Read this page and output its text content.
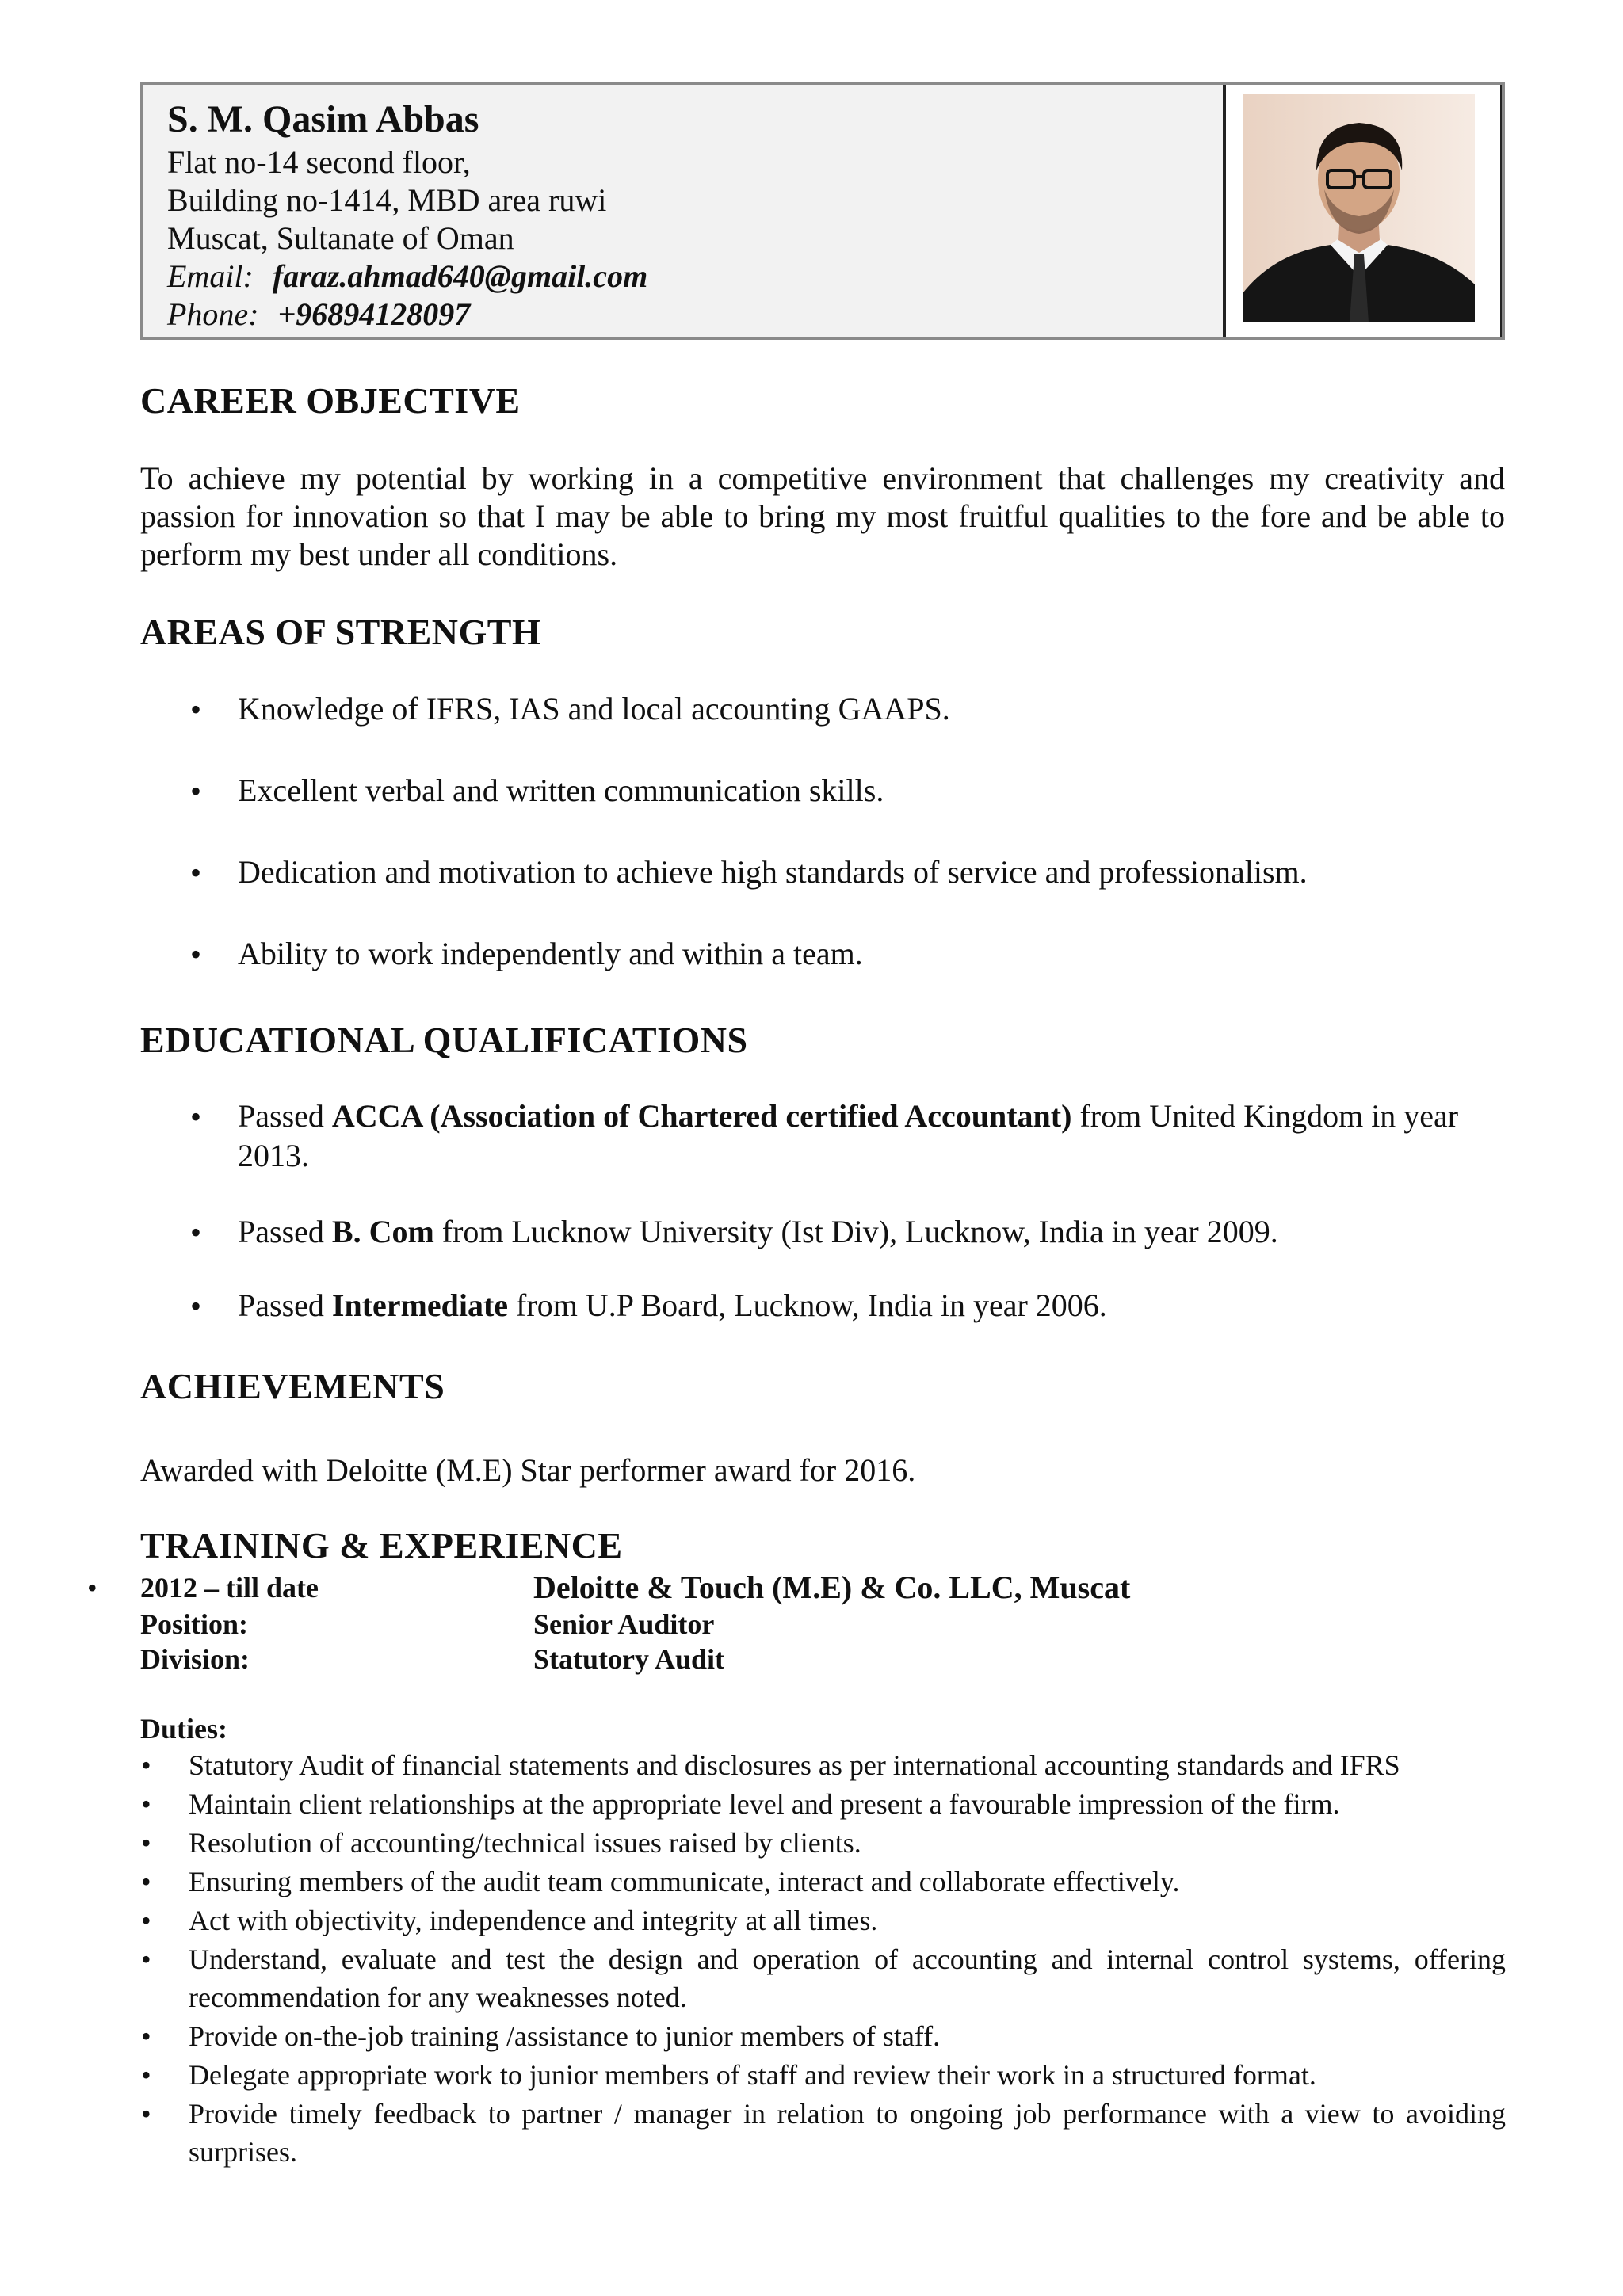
S. M. Qasim Abbas

Flat no-14 second floor,

Building no-1414, MBD area ruwi

Muscat, Sultanate of Oman

Email: faraz.ahmad640@gmail.com

Phone: +96894128097

CAREER OBJECTIVE

To achieve my potential by working in a competitive environment that challenges my creativity and passion for innovation so that I may be able to bring my most fruitful qualities to the fore and be able to perform my best under all conditions.

AREAS OF STRENGTH
• Knowledge of IFRS, IAS and local accounting GAAPS.

• Excellent verbal and written communication skills.

• Dedication and motivation to achieve high standards of service and professionalism.

• Ability to work independently and within a team.

EDUCATIONAL QUALIFICATIONS
• Passed ACCA (Association of Chartered certified Accountant) from United Kingdom in year 2013.

• Passed B. Com from Lucknow University (Ist Div), Lucknow, India in year 2009.

• Passed Intermediate from U.P Board, Lucknow, India in year 2006.

ACHIEVEMENTS

Awarded with Deloitte (M.E) Star performer award for 2016.

TRAINING & EXPERIENCE
• 2012 – till date	Deloitte & Touch (M.E) & Co. LLC, Muscat
Position:	Senior Auditor
Division:	Statutory Audit

Duties:

• Statutory Audit of financial statements and disclosures as per international accounting standards and IFRS

• Maintain client relationships at the appropriate level and present a favourable impression of the firm.

• Resolution of accounting/technical issues raised by clients.

• Ensuring members of the audit team communicate, interact and collaborate effectively.

• Act with objectivity, independence and integrity at all times.

• Understand, evaluate and test the design and operation of accounting and internal control systems, offering recommendation for any weaknesses noted.

• Provide on-the-job training /assistance to junior members of staff.

• Delegate appropriate work to junior members of staff and review their work in a structured format.

• Provide timely feedback to partner / manager in relation to ongoing job performance with a view to avoiding surprises.
